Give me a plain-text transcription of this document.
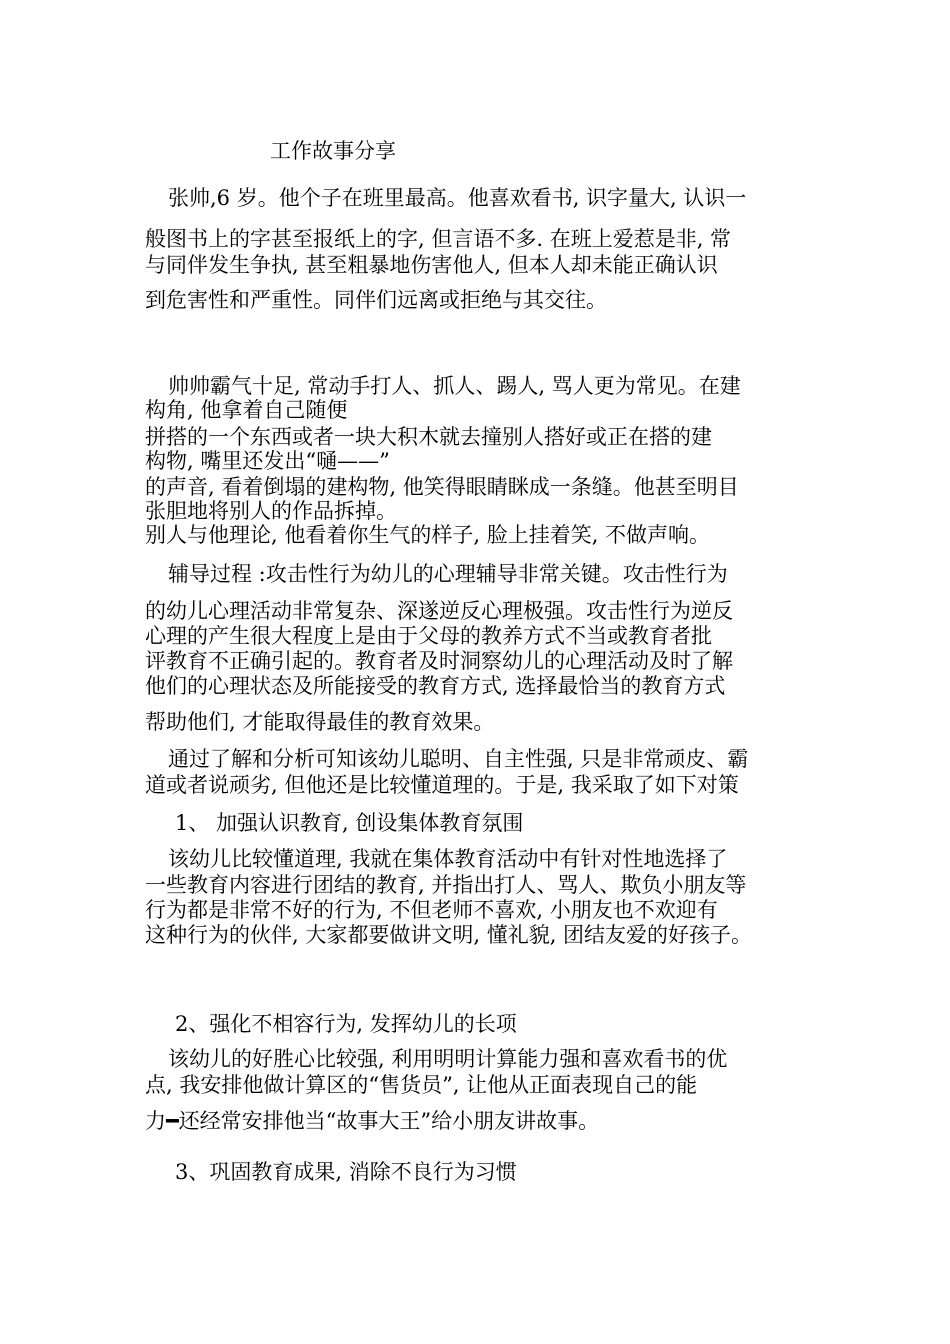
工作故事分享
张帅,6 岁。他个子在班里最高。他喜欢看书, 识字量大, 认识一
般图书上的字甚至报纸上的字, 但言语不多. 在班上爱惹是非, 常
与同伴发生争执, 甚至粗暴地伤害他人, 但本人却未能正确认识
到危害性和严重性。同伴们远离或拒绝与其交往。
帅帅霸气十足, 常动手打人、抓人、踢人, 骂人更为常见。在建
构角, 他拿着自己随便
拼搭的一个东西或者一块大积木就去撞别人搭好或正在搭的建
构物, 嘴里还发出“嗵——”
的声音, 看着倒塌的建构物, 他笑得眼睛眯成一条缝。他甚至明目
张胆地将别人的作品拆掉。
别人与他理论, 他看着你生气的样子, 脸上挂着笑, 不做声响。
辅导过程 :攻击性行为幼儿的心理辅导非常关键。攻击性行为
的幼儿心理活动非常复杂、深遂逆反心理极强。攻击性行为逆反
心理的产生很大程度上是由于父母的教养方式不当或教育者批
评教育不正确引起的。教育者及时洞察幼儿的心理活动及时了解
他们的心理状态及所能接受的教育方式, 选择最恰当的教育方式
帮助他们, 才能取得最佳的教育效果。
通过了解和分析可知该幼儿聪明、自主性强, 只是非常顽皮、霸
道或者说顽劣, 但他还是比较懂道理的。于是, 我采取了如下对策
1、 加强认识教育, 创设集体教育氛围
该幼儿比较懂道理, 我就在集体教育活动中有针对性地选择了
一些教育内容进行团结的教育, 并指出打人、骂人、欺负小朋友等
行为都是非常不好的行为, 不但老师不喜欢, 小朋友也不欢迎有
这种行为的伙伴, 大家都要做讲文明, 懂礼貌, 团结友爱的好孩子。
2、强化不相容行为, 发挥幼儿的长项
该幼儿的好胜心比较强, 利用明明计算能力强和喜欢看书的优
点, 我安排他做计算区的“售货员”, 让他从正面表现自己的能
力━还经常安排他当“故事大王”给小朋友讲故事。
3、巩固教育成果, 消除不良行为习惯
